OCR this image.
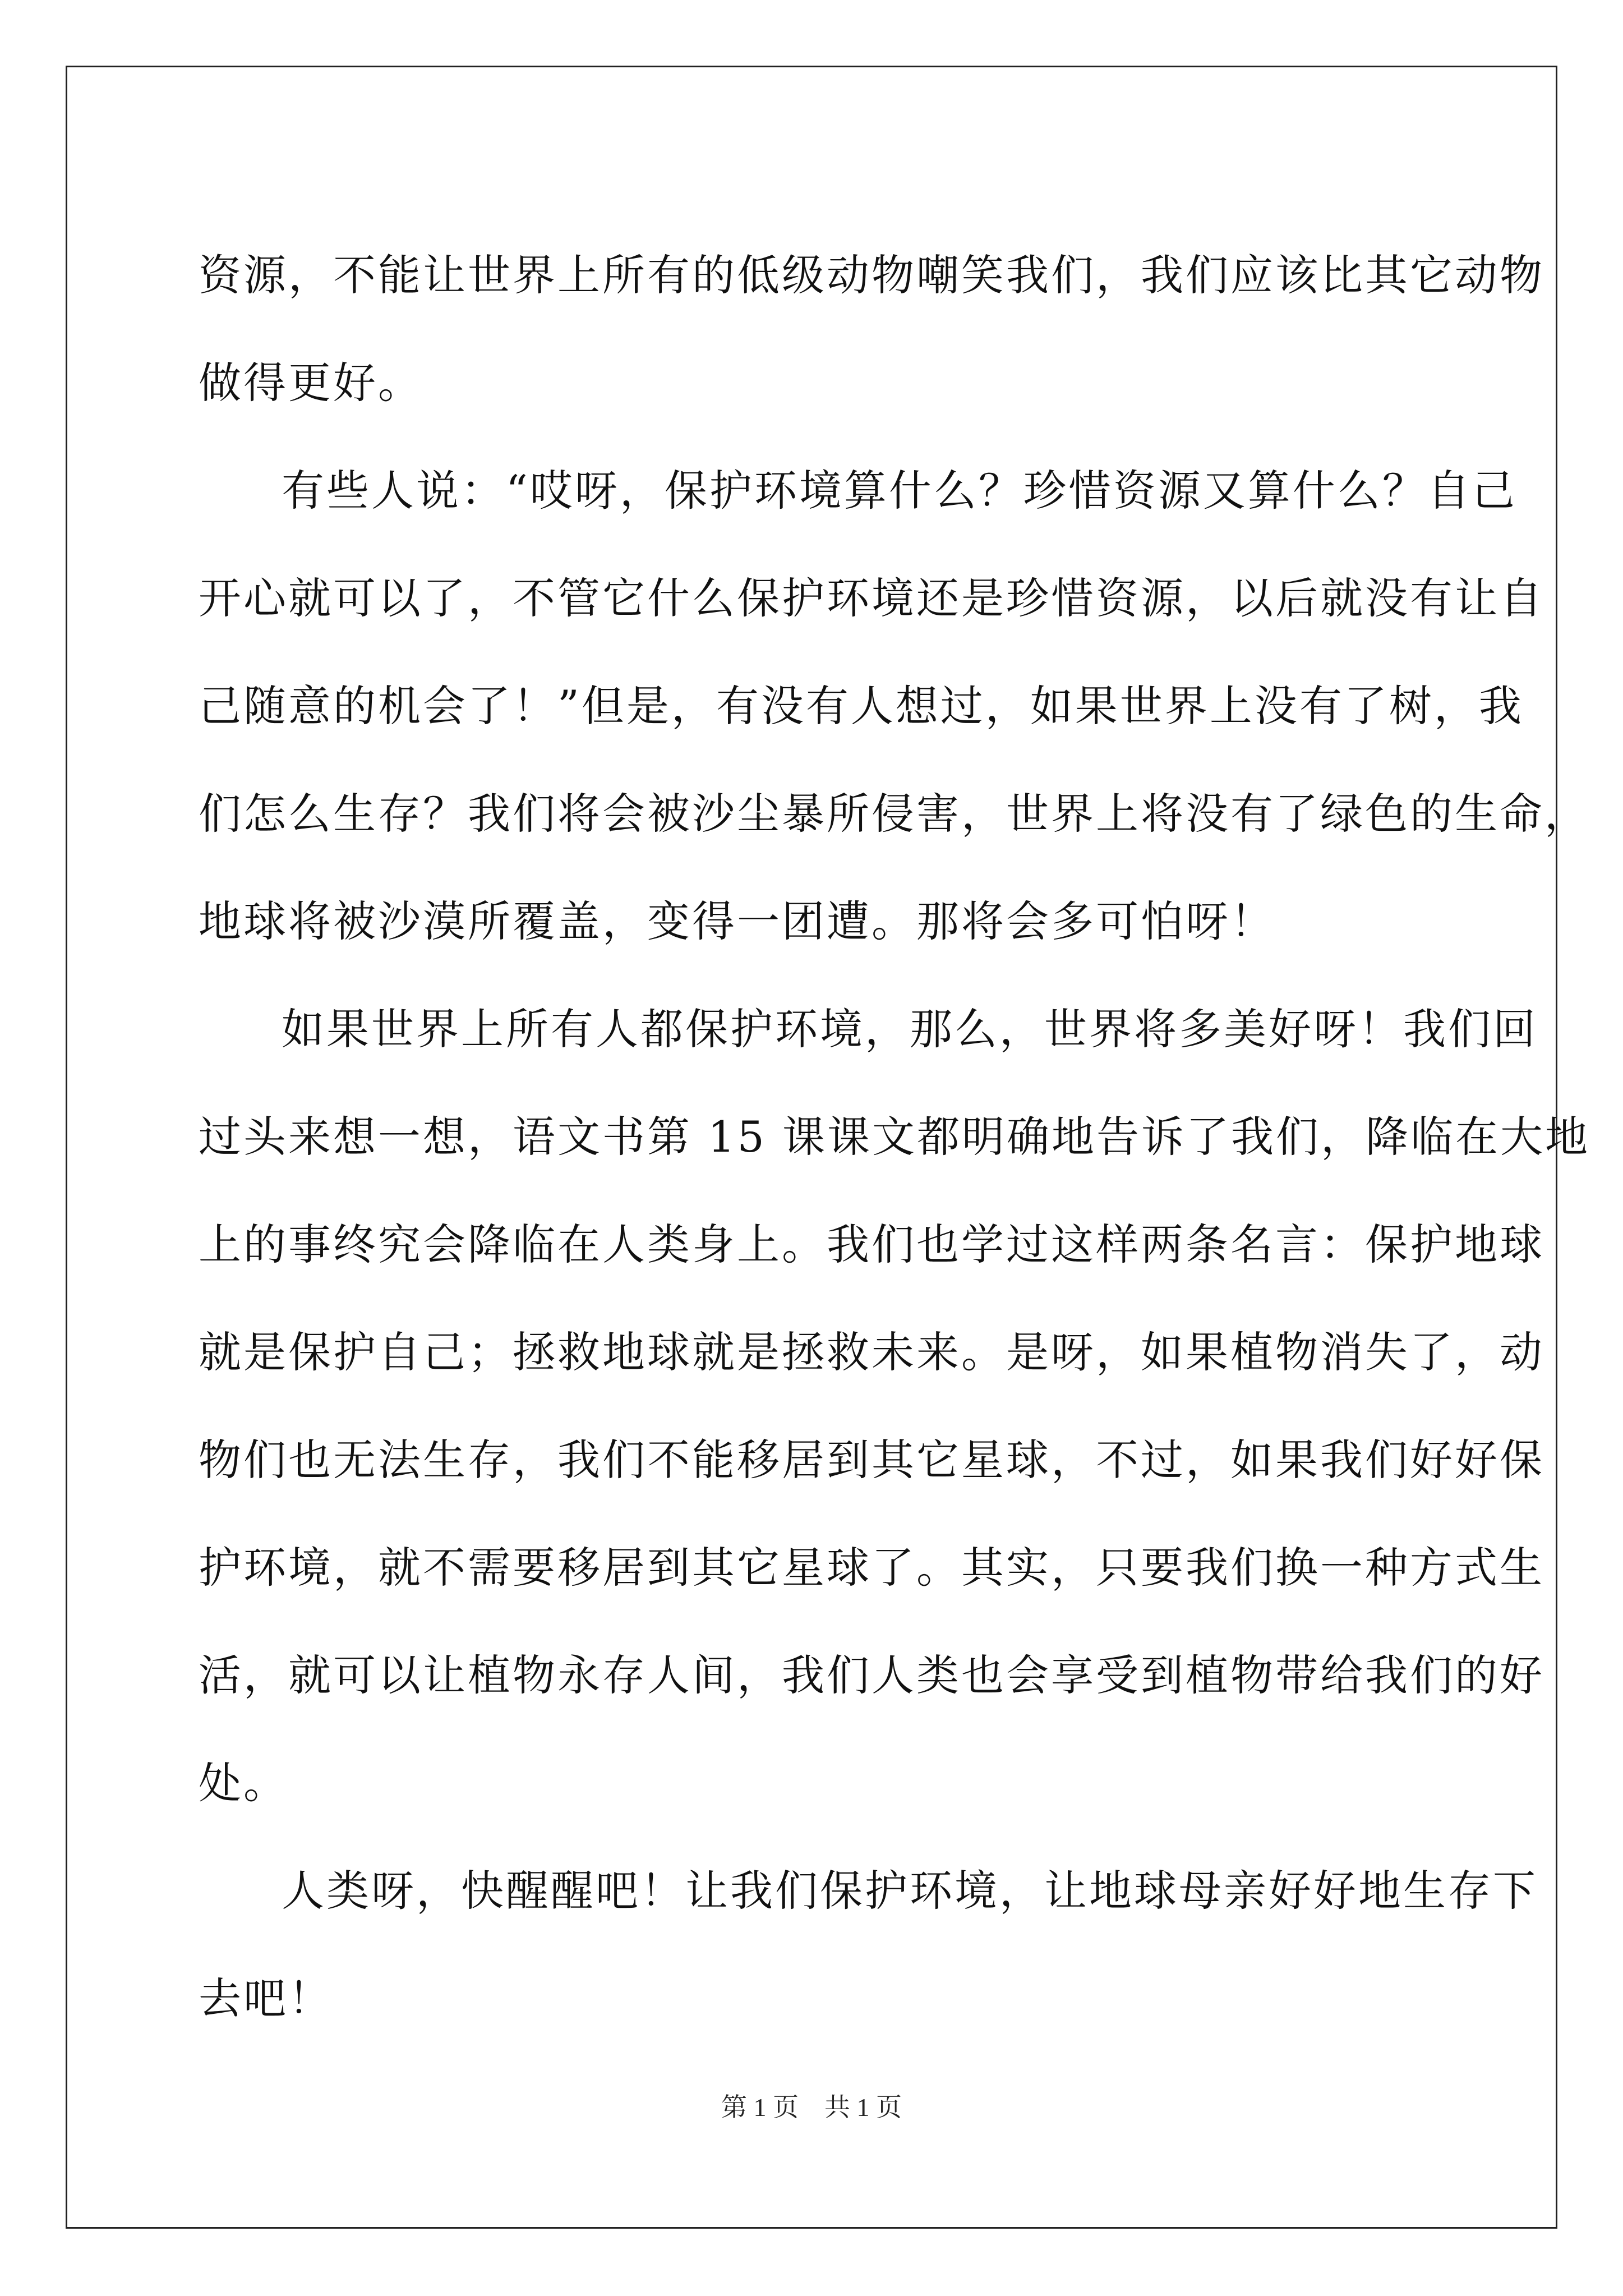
资源，不能让世界上所有的低级动物嘲笑我们，我们应该比其它动物
做得更好。
有些人说：“哎呀，保护环境算什么？珍惜资源又算什么？自己
开心就可以了，不管它什么保护环境还是珍惜资源，以后就没有让自
己随意的机会了！”但是，有没有人想过，如果世界上没有了树，我
们怎么生存？我们将会被沙尘暴所侵害，世界上将没有了绿色的生命，
地球将被沙漠所覆盖，变得一团遭。那将会多可怕呀！
如果世界上所有人都保护环境，那么，世界将多美好呀！我们回
过头来想一想，语文书第 15 课课文都明确地告诉了我们，降临在大地
上的事终究会降临在人类身上。我们也学过这样两条名言：保护地球
就是保护自己；拯救地球就是拯救未来。是呀，如果植物消失了，动
物们也无法生存，我们不能移居到其它星球，不过，如果我们好好保
护环境，就不需要移居到其它星球了。其实，只要我们换一种方式生
活，就可以让植物永存人间，我们人类也会享受到植物带给我们的好
处。
人类呀，快醒醒吧！让我们保护环境，让地球母亲好好地生存下
去吧！
第 1 页　共 1 页
